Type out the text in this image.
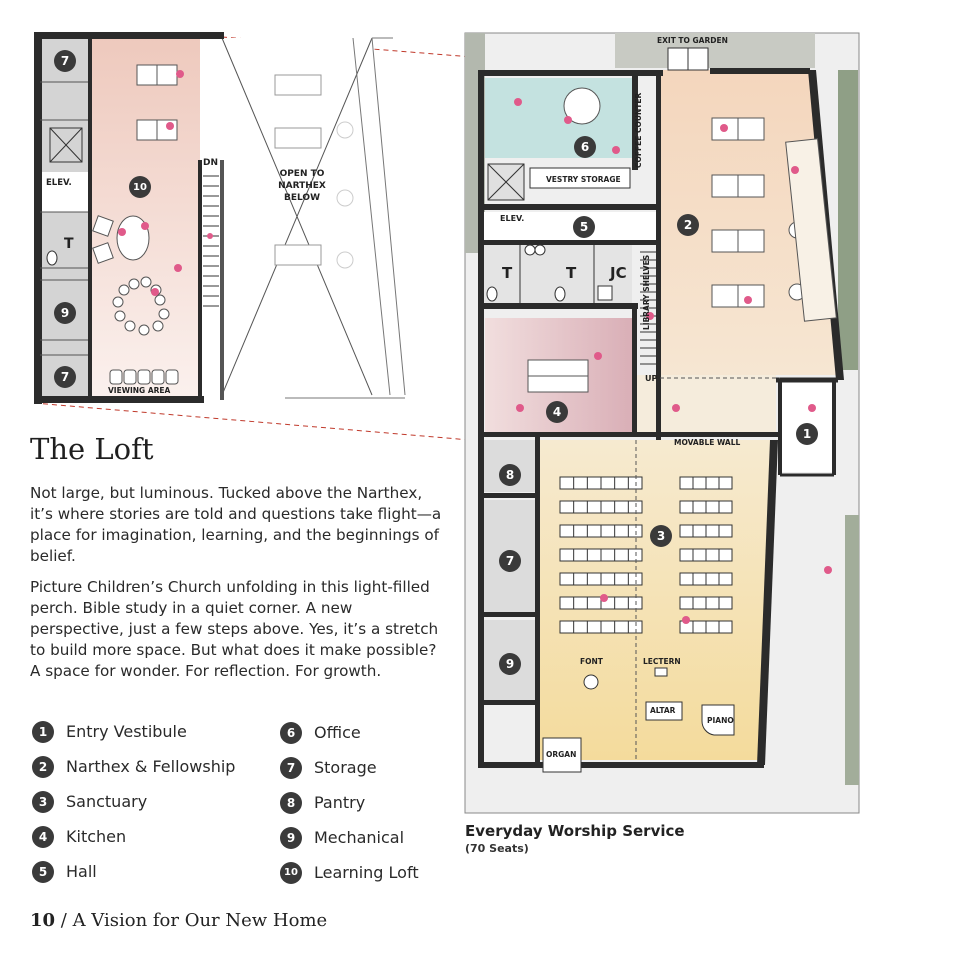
ELEV.
T
DN
OPEN TO
NARTHEX
BELOW
VIEWING AREA
7
10
9
7
EXIT TO GARDEN
COFFEE COUNTER
VESTRY STORAGE
ELEV.
T	T JC LIBRARY SHELVES
UP
MOVABLE WALL
FONT	LECTERN
ALTAR
PIANO
ORGAN
6
2
5
4
1
8
3
7
9
The Loft
Not large, but luminous. Tucked above the Narthex, it’s where stories are told and questions take flight—a place for imagination, learning, and the beginnings of belief.
Picture Children’s Church unfolding in this light-filled perch. Bible study in a quiet corner. A new perspective, just a few steps above. Yes, it’s a stretch to build more space. But what does it make possible? A space for wonder. For reflection. For growth.
1	Entry Vestibule
2	Narthex & Fellowship
3	Sanctuary
4	Kitchen
5	Hall
6	Office
7	Storage
8	Pantry
9	Mechanical
10 Learning Loft
Everyday Worship Service
(70 Seats)
10 / A Vision for Our New Home
